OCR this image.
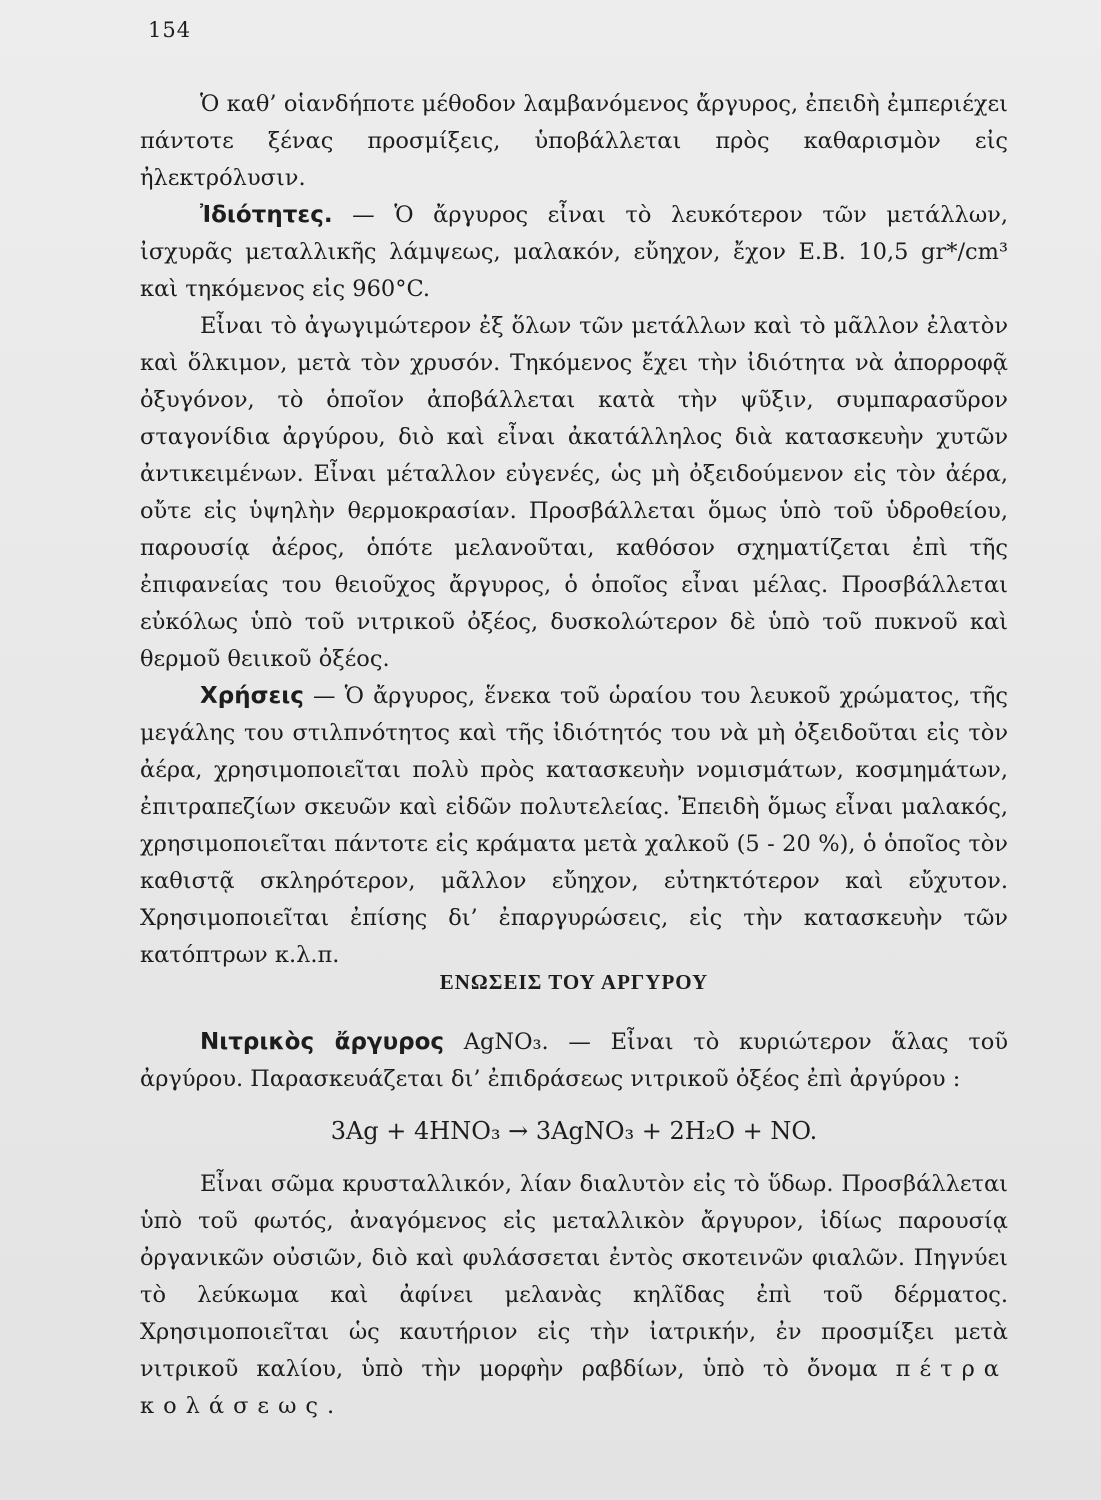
154

Ὁ καθ’ οἱανδήποτε μέθοδον λαμβανόμενος ἄργυρος, ἐπειδὴ ἐμπεριέχει πάντοτε ξένας προσμίξεις, ὑποβάλλεται πρὸς καθαρισμὸν εἰς ἠλεκτρόλυσιν.

Ἰδιότητες. — Ὁ ἄργυρος εἶναι τὸ λευκότερον τῶν μετάλλων, ἰσχυρᾶς μεταλλικῆς λάμψεως, μαλακόν, εὔηχον, ἔχον Ε.Β. 10,5 gr*/cm³ καὶ τηκόμενος εἰς 960°C.

Εἶναι τὸ ἀγωγιμώτερον ἐξ ὅλων τῶν μετάλλων καὶ τὸ μᾶλλον ἐλατὸν καὶ ὅλκιμον, μετὰ τὸν χρυσόν. Τηκόμενος ἔχει τὴν ἰδιότητα νὰ ἀπορροφᾷ ὀξυγόνον, τὸ ὁποῖον ἀποβάλλεται κατὰ τὴν ψῦξιν, συμπαρασῦρον σταγονίδια ἀργύρου, διὸ καὶ εἶναι ἀκατάλληλος διὰ κατασκευὴν χυτῶν ἀντικειμένων. Εἶναι μέταλλον εὐγενές, ὡς μὴ ὀξειδούμενον εἰς τὸν ἀέρα, οὔτε εἰς ὑψηλὴν θερμοκρασίαν. Προσβάλλεται ὅμως ὑπὸ τοῦ ὑδροθείου, παρουσίᾳ ἀέρος, ὁπότε μελανοῦται, καθόσον σχηματίζεται ἐπὶ τῆς ἐπιφανείας του θειοῦχος ἄργυρος, ὁ ὁποῖος εἶναι μέλας. Προσβάλλεται εὐκόλως ὑπὸ τοῦ νιτρικοῦ ὀξέος, δυσκολώτερον δὲ ὑπὸ τοῦ πυκνοῦ καὶ θερμοῦ θειικοῦ ὀξέος.

Χρήσεις — Ὁ ἄργυρος, ἕνεκα τοῦ ὡραίου του λευκοῦ χρώματος, τῆς μεγάλης του στιλπνότητος καὶ τῆς ἰδιότητός του νὰ μὴ ὀξειδοῦται εἰς τὸν ἀέρα, χρησιμοποιεῖται πολὺ πρὸς κατασκευὴν νομισμάτων, κοσμημάτων, ἐπιτραπεζίων σκευῶν καὶ εἰδῶν πολυτελείας. Ἐπειδὴ ὅμως εἶναι μαλακός, χρησιμοποιεῖται πάντοτε εἰς κράματα μετὰ χαλκοῦ (5 - 20 %), ὁ ὁποῖος τὸν καθιστᾷ σκληρότερον, μᾶλλον εὔηχον, εὐτηκτότερον καὶ εὔχυτον. Χρησιμοποιεῖται ἐπίσης δι’ ἐπαργυρώσεις, εἰς τὴν κατασκευὴν τῶν κατόπτρων κ.λ.π.

ΕΝΩΣΕΙΣ ΤΟΥ ΑΡΓΥΡΟΥ

Νιτρικὸς ἄργυρος AgNO₃. — Εἶναι τὸ κυριώτερον ἅλας τοῦ ἀργύρου. Παρασκευάζεται δι’ ἐπιδράσεως νιτρικοῦ ὀξέος ἐπὶ ἀργύρου :

3Ag + 4HNO₃ → 3AgNO₃ + 2H₂O + NO.

Εἶναι σῶμα κρυσταλλικόν, λίαν διαλυτὸν εἰς τὸ ὕδωρ. Προσβάλλεται ὑπὸ τοῦ φωτός, ἀναγόμενος εἰς μεταλλικὸν ἄργυρον, ἰδίως παρουσίᾳ ὀργανικῶν οὐσιῶν, διὸ καὶ φυλάσσεται ἐντὸς σκοτεινῶν φιαλῶν. Πηγνύει τὸ λεύκωμα καὶ ἀφίνει μελανὰς κηλῖδας ἐπὶ τοῦ δέρματος. Χρησιμοποιεῖται ὡς καυτήριον εἰς τὴν ἰατρικήν, ἐν προσμίξει μετὰ νιτρικοῦ καλίου, ὑπὸ τὴν μορφὴν ραβδίων, ὑπὸ τὸ ὄνομα πέτρα κολάσεως.
